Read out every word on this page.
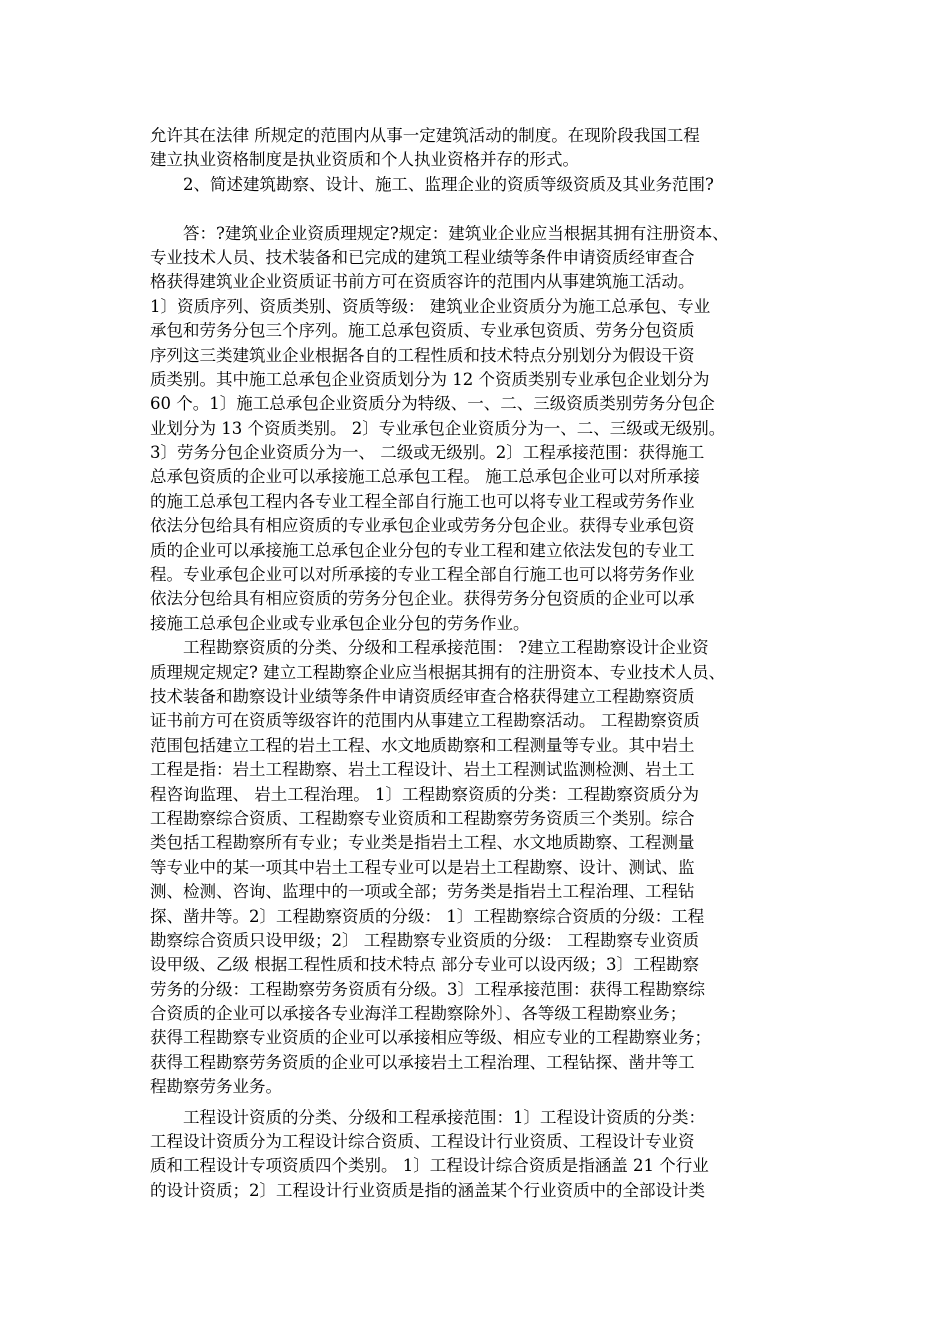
允许其在法律 所规定的范围内从事一定建筑活动的制度。在现阶段我国工程
建立执业资格制度是执业资质和个人执业资格并存的形式。
　　2、简述建筑勘察、设计、施工、监理企业的资质等级资质及其业务范围?
　　答：?建筑业企业资质理规定?规定：建筑业企业应当根据其拥有注册资本、
专业技术人员、技术装备和已完成的建筑工程业绩等条件申请资质经审查合
格获得建筑业企业资质证书前方可在资质容许的范围内从事建筑施工活动。
1〕资质序列、资质类别、资质等级： 建筑业企业资质分为施工总承包、专业
承包和劳务分包三个序列。施工总承包资质、专业承包资质、劳务分包资质
序列这三类建筑业企业根据各自的工程性质和技术特点分别划分为假设干资
质类别。其中施工总承包企业资质划分为 12 个资质类别专业承包企业划分为
60 个。1〕施工总承包企业资质分为特级、一、二、三级资质类别劳务分包企
业划分为 13 个资质类别。 2〕专业承包企业资质分为一、二、三级或无级别。
3〕劳务分包企业资质分为一、 二级或无级别。2〕工程承接范围：获得施工
总承包资质的企业可以承接施工总承包工程。 施工总承包企业可以对所承接
的施工总承包工程内各专业工程全部自行施工也可以将专业工程或劳务作业
依法分包给具有相应资质的专业承包企业或劳务分包企业。获得专业承包资
质的企业可以承接施工总承包企业分包的专业工程和建立依法发包的专业工
程。专业承包企业可以对所承接的专业工程全部自行施工也可以将劳务作业
依法分包给具有相应资质的劳务分包企业。获得劳务分包资质的企业可以承
接施工总承包企业或专业承包企业分包的劳务作业。
　　工程勘察资质的分类、分级和工程承接范围： ?建立工程勘察设计企业资
质理规定规定? 建立工程勘察企业应当根据其拥有的注册资本、专业技术人员、
技术装备和勘察设计业绩等条件申请资质经审查合格获得建立工程勘察资质
证书前方可在资质等级容许的范围内从事建立工程勘察活动。 工程勘察资质
范围包括建立工程的岩土工程、水文地质勘察和工程测量等专业。其中岩土
工程是指：岩土工程勘察、岩土工程设计、岩土工程测试监测检测、岩土工
程咨询监理、 岩土工程治理。 1〕工程勘察资质的分类：工程勘察资质分为
工程勘察综合资质、工程勘察专业资质和工程勘察劳务资质三个类别。综合
类包括工程勘察所有专业；专业类是指岩土工程、水文地质勘察、工程测量
等专业中的某一项其中岩土工程专业可以是岩土工程勘察、设计、测试、监
测、检测、咨询、监理中的一项或全部；劳务类是指岩土工程治理、工程钻
探、凿井等。2〕工程勘察资质的分级： 1〕工程勘察综合资质的分级：工程
勘察综合资质只设甲级；2〕 工程勘察专业资质的分级： 工程勘察专业资质
设甲级、乙级 根据工程性质和技术特点 部分专业可以设丙级；3〕工程勘察
劳务的分级：工程勘察劳务资质有分级。3〕工程承接范围：获得工程勘察综
合资质的企业可以承接各专业海洋工程勘察除外〕、各等级工程勘察业务；
获得工程勘察专业资质的企业可以承接相应等级、相应专业的工程勘察业务；
获得工程勘察劳务资质的企业可以承接岩土工程治理、工程钻探、凿井等工
程勘察劳务业务。
　　工程设计资质的分类、分级和工程承接范围：1〕工程设计资质的分类：
工程设计资质分为工程设计综合资质、工程设计行业资质、工程设计专业资
质和工程设计专项资质四个类别。 1〕工程设计综合资质是指涵盖 21 个行业
的设计资质；2〕工程设计行业资质是指的涵盖某个行业资质中的全部设计类
